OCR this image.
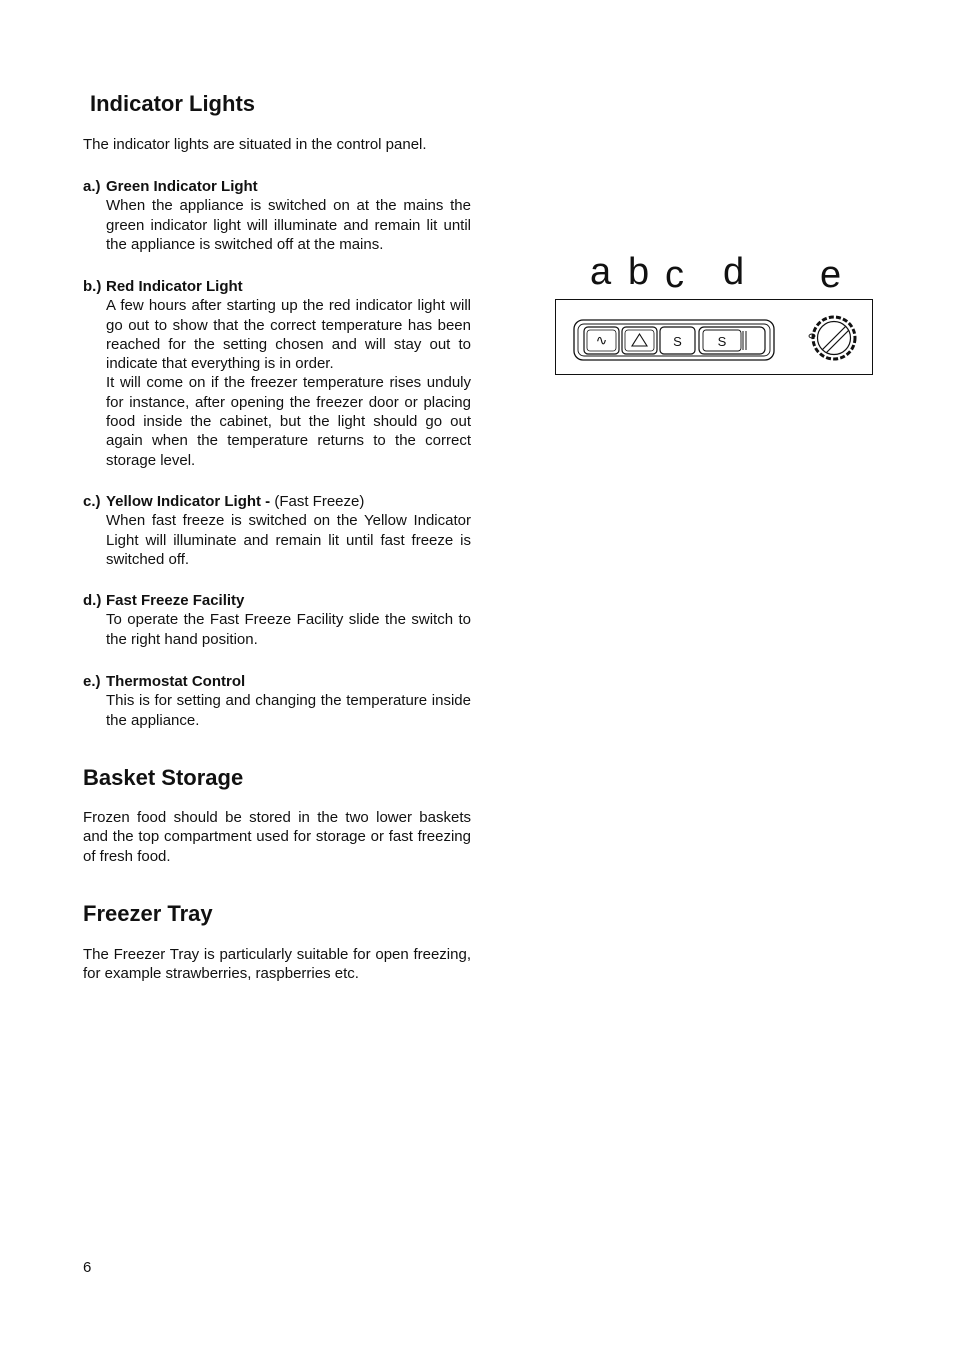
Indicator Lights

The indicator lights are situated in the control panel.

a.) Green Indicator Light
When the appliance is switched on at the mains the green indicator light will illuminate and remain lit until the appliance is switched off at the mains.
b.) Red Indicator Light
A few hours after starting up the red indicator light will go out to show that the correct temperature has been reached for the setting chosen and will stay out to indicate that everything is in order.
It will come on if the freezer temperature rises unduly for instance, after opening the freezer door or placing food inside the cabinet, but the light should go out again when the temperature returns to the correct storage level.
c.) Yellow Indicator Light - (Fast Freeze)
When fast freeze is switched on the Yellow Indicator Light will illuminate and remain lit until fast freeze is switched off.
d.) Fast Freeze Facility
To operate the Fast Freeze Facility slide the switch to the right hand position.
e.) Thermostat Control
This is for setting and changing the temperature inside the appliance.
Basket Storage

Frozen food should be stored in the two lower baskets and the top compartment used for storage or fast freezing of fresh food.

Freezer Tray

The Freezer Tray is particularly suitable for open freezing, for example strawberries, raspberries etc.

a b c d e
∿	S	S
6
